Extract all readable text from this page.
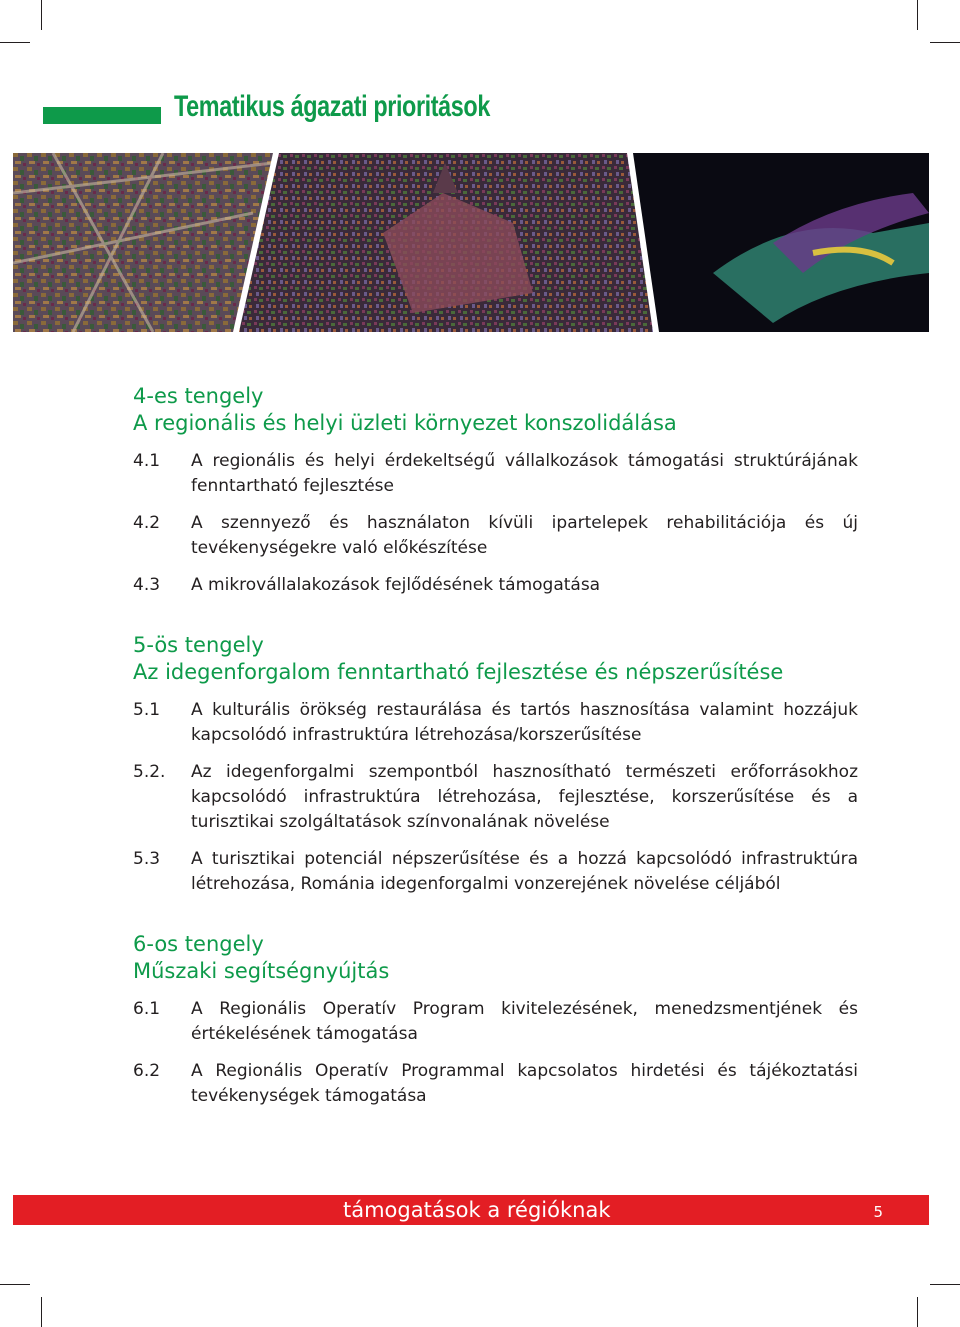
Tematikus ágazati prioritások

4-es tengely

A regionális és helyi üzleti környezet konszolidálása

4.1	A regionális és helyi érdekeltségű vállalkozások támogatási struktúrájának fenntartható fejlesztése
4.2	A szennyező és használaton kívüli ipartelepek rehabilitációja és új tevékenységekre való előkészítése
4.3	A mikrovállalakozások fejlődésének támogatása

5-ös tengely

Az idegenforgalom fenntartható fejlesztése és népszerűsítése

5.1	A kulturális örökség restaurálása és tartós hasznosítása valamint hozzájuk kapcsolódó infrastruktúra létrehozása/korszerűsítése
5.2.	Az idegenforgalmi szempontból hasznosítható természeti erőforrásokhoz kapcsolódó infrastruktúra létrehozása, fejlesztése, korszerűsítése és a turisztikai szolgáltatások színvonalának növelése
5.3	A turisztikai potenciál népszerűsítése és a hozzá kapcsolódó infrastruktúra létrehozása, Románia idegenforgalmi vonzerejének növelése céljából

6-os tengely

Műszaki segítségnyújtás

6.1	A Regionális Operatív Program kivitelezésének, menedzsmentjének és értékelésének támogatása
6.2	A Regionális Operatív Programmal kapcsolatos hirdetési és tájékoztatási tevékenységek támogatása
támogatások a régióknak	5
